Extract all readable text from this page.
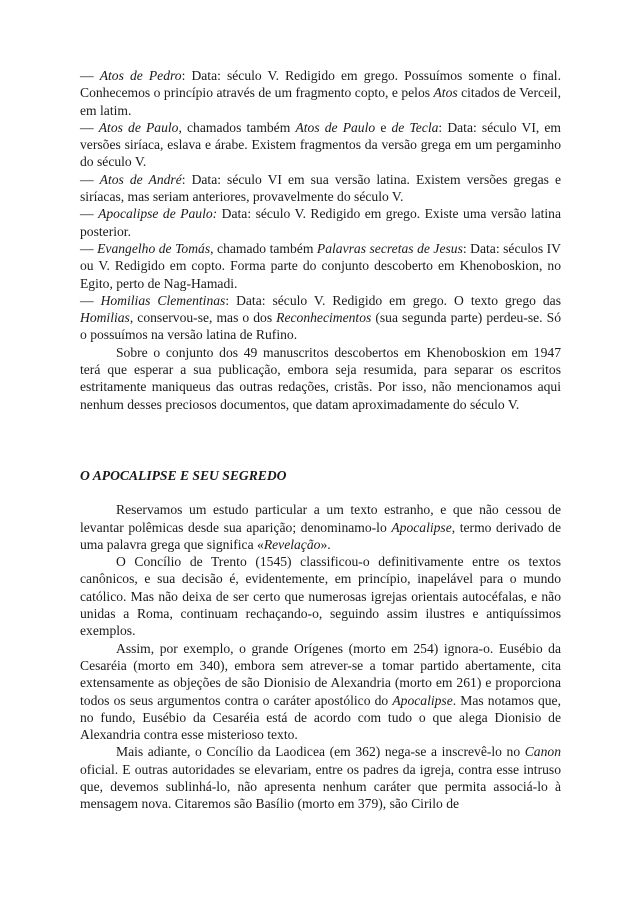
— Atos de Pedro: Data: século V. Redigido em grego. Possuímos somente o final. Conhecemos o princípio através de um fragmento copto, e pelos Atos citados de Verceil, em latim.

— Atos de Paulo, chamados também Atos de Paulo e de Tecla: Data: século VI, em versões siríaca, eslava e árabe. Existem fragmentos da versão grega em um pergaminho do século V.

— Atos de André: Data: século VI em sua versão latina. Existem versões gregas e siríacas, mas seriam anteriores, provavelmente do século V.

— Apocalipse de Paulo: Data: século V. Redigido em grego. Existe uma versão latina posterior.

— Evangelho de Tomás, chamado também Palavras secretas de Jesus: Data: séculos IV ou V. Redigido em copto. Forma parte do conjunto descoberto em Khenoboskion, no Egito, perto de Nag-Hamadi.

— Homilias Clementinas: Data: século V. Redigido em grego. O texto grego das Homilias, conservou-se, mas o dos Reconhecimentos (sua segunda parte) perdeu-se. Só o possuímos na versão latina de Rufino.

Sobre o conjunto dos 49 manuscritos descobertos em Khenoboskion em 1947 terá que esperar a sua publicação, embora seja resumida, para separar os escritos estritamente maniqueus das outras redações, cristãs. Por isso, não mencionamos aqui nenhum desses preciosos documentos, que datam aproximadamente do século V.

O APOCALIPSE E SEU SEGREDO

Reservamos um estudo particular a um texto estranho, e que não cessou de levantar polêmicas desde sua aparição; denominamo-lo Apocalipse, termo derivado de uma palavra grega que significa «Revelação».

O Concílio de Trento (1545) classificou-o definitivamente entre os textos canônicos, e sua decisão é, evidentemente, em princípio, inapelável para o mundo católico. Mas não deixa de ser certo que numerosas igrejas orientais autocéfalas, e não unidas a Roma, continuam rechaçando-o, seguindo assim ilustres e antiquíssimos exemplos.

Assim, por exemplo, o grande Orígenes (morto em 254) ignora-o. Eusébio da Cesaréia (morto em 340), embora sem atrever-se a tomar partido abertamente, cita extensamente as objeções de são Dionisio de Alexandria (morto em 261) e proporciona todos os seus argumentos contra o caráter apostólico do Apocalipse. Mas notamos que, no fundo, Eusébio da Cesaréia está de acordo com tudo o que alega Dionisio de Alexandria contra esse misterioso texto.

Mais adiante, o Concílio da Laodicea (em 362) nega-se a inscrevê-lo no Canon oficial. E outras autoridades se elevariam, entre os padres da igreja, contra esse intruso que, devemos sublinhá-lo, não apresenta nenhum caráter que permita associá-lo à mensagem nova. Citaremos são Basílio (morto em 379), são Cirilo de
